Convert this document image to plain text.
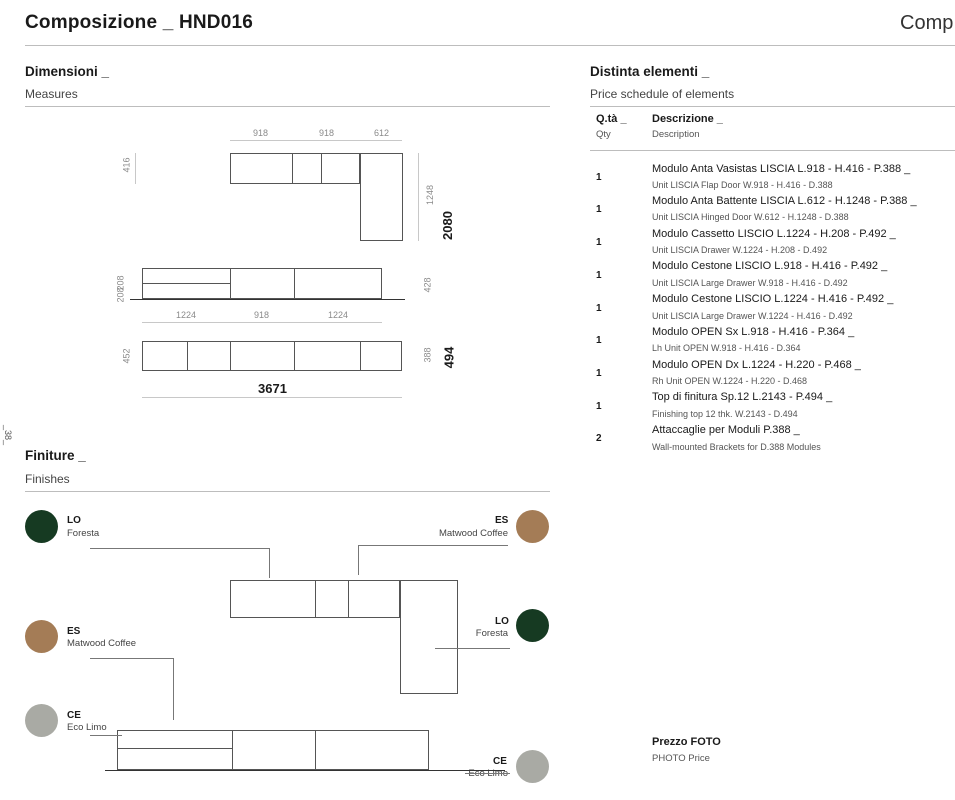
Composizione _ HND016	Comp
_38_
Dimensioni _
Measures
918	918	612
416
1248
2080
208
208
428
1224	918	1224
452	388 494
3671
Finiture _
Finishes
LO
Foresta
ES
Matwood Coffee
ES
Matwood Coffee
LO
Foresta
CE
Eco Limo
CE
Distinta elementi _
Price schedule of elements
Q.tà _
Qty
Descrizione _
Description
1
Modulo Anta Vasistas LISCIA L.918 - H.416 - P.388 _
Unit LISCIA Flap Door W.918 - H.416 - D.388
1
Modulo Anta Battente LISCIA L.612 - H.1248 - P.388 _
Unit LISCIA Hinged Door W.612 - H.1248 - D.388
1
Modulo Cassetto LISCIO L.1224 - H.208 - P.492 _
Unit LISCIA Drawer W.1224 - H.208 - D.492
1
Modulo Cestone LISCIO L.918 - H.416 - P.492 _
Unit LISCIA Large Drawer W.918 - H.416 - D.492
1
Modulo Cestone LISCIO L.1224 - H.416 - P.492 _
Unit LISCIA Large Drawer W.1224 - H.416 - D.492
1
Modulo OPEN Sx L.918 - H.416 - P.364 _
Lh Unit OPEN W.918 - H.416 - D.364
1
Modulo OPEN Dx L.1224 - H.220 - P.468 _
Rh Unit OPEN W.1224 - H.220 - D.468
1
Top di finitura Sp.12 L.2143 - P.494 _
Finishing top 12 thk. W.2143 - D.494
2
Attaccaglie per Moduli P.388 _
Wall-mounted Brackets for D.388 Modules
Prezzo FOTO
PHOTO Price
